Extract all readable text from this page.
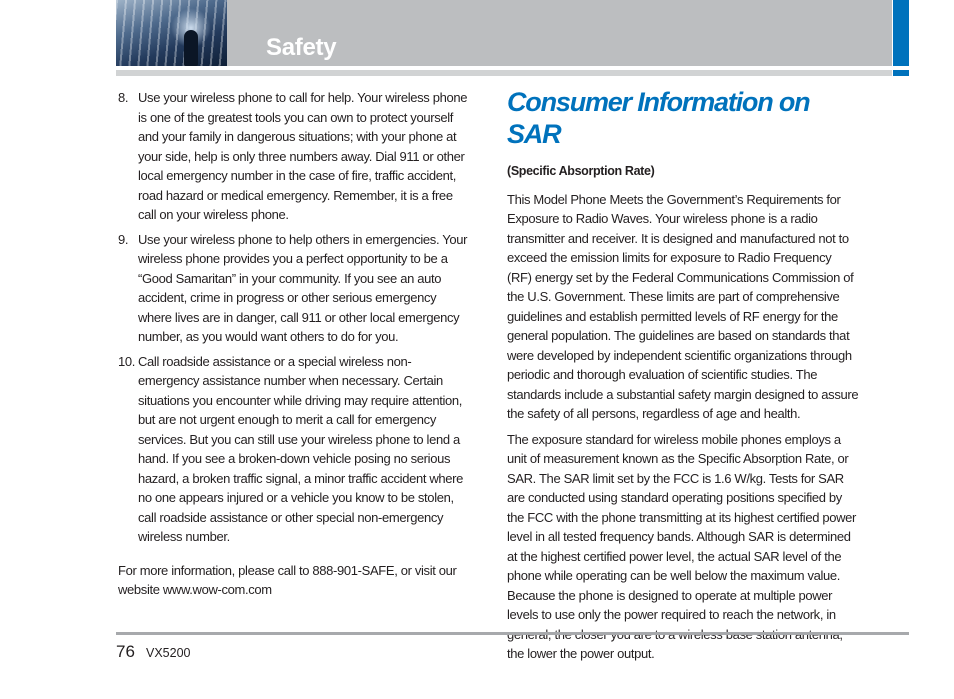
Safety
8. Use your wireless phone to call for help. Your wireless phone is one of the greatest tools you can own to protect yourself and your family in dangerous situations; with your phone at your side, help is only three numbers away. Dial 911 or other local emergency number in the case of fire, traffic accident, road hazard or medical emergency. Remember, it is a free call on your wireless phone.
9. Use your wireless phone to help others in emergencies. Your wireless phone provides you a perfect opportunity to be a “Good Samaritan” in your community. If you see an auto accident, crime in progress or other serious emergency where lives are in danger, call 911 or other local emergency number, as you would want others to do for you.
10. Call roadside assistance or a special wireless non-emergency assistance number when necessary. Certain situations you encounter while driving may require attention, but are not urgent enough to merit a call for emergency services. But you can still use your wireless phone to lend a hand. If you see a broken-down vehicle posing no serious hazard, a broken traffic signal, a minor traffic accident where no one appears injured or a vehicle you know to be stolen, call roadside assistance or other special non-emergency wireless number.
For more information, please call to 888-901-SAFE, or visit our website www.wow-com.com
Consumer Information on SAR
(Specific Absorption Rate)
This Model Phone Meets the Government’s Requirements for Exposure to Radio Waves. Your wireless phone is a radio transmitter and receiver. It is designed and manufactured not to exceed the emission limits for exposure to Radio Frequency (RF) energy set by the Federal Communications Commission of the U.S. Government. These limits are part of comprehensive guidelines and establish permitted levels of RF energy for the general population. The guidelines are based on standards that were developed by independent scientific organizations through periodic and thorough evaluation of scientific studies. The standards include a substantial safety margin designed to assure the safety of all persons, regardless of age and health.
The exposure standard for wireless mobile phones employs a unit of measurement known as the Specific Absorption Rate, or SAR. The SAR limit set by the FCC is 1.6 W/kg. Tests for SAR are conducted using standard operating positions specified by the FCC with the phone transmitting at its highest certified power level in all tested frequency bands. Although SAR is determined at the highest certified power level, the actual SAR level of the phone while operating can be well below the maximum value. Because the phone is designed to operate at multiple power levels to use only the power required to reach the network, in the lower the power output.
76 VX5200
